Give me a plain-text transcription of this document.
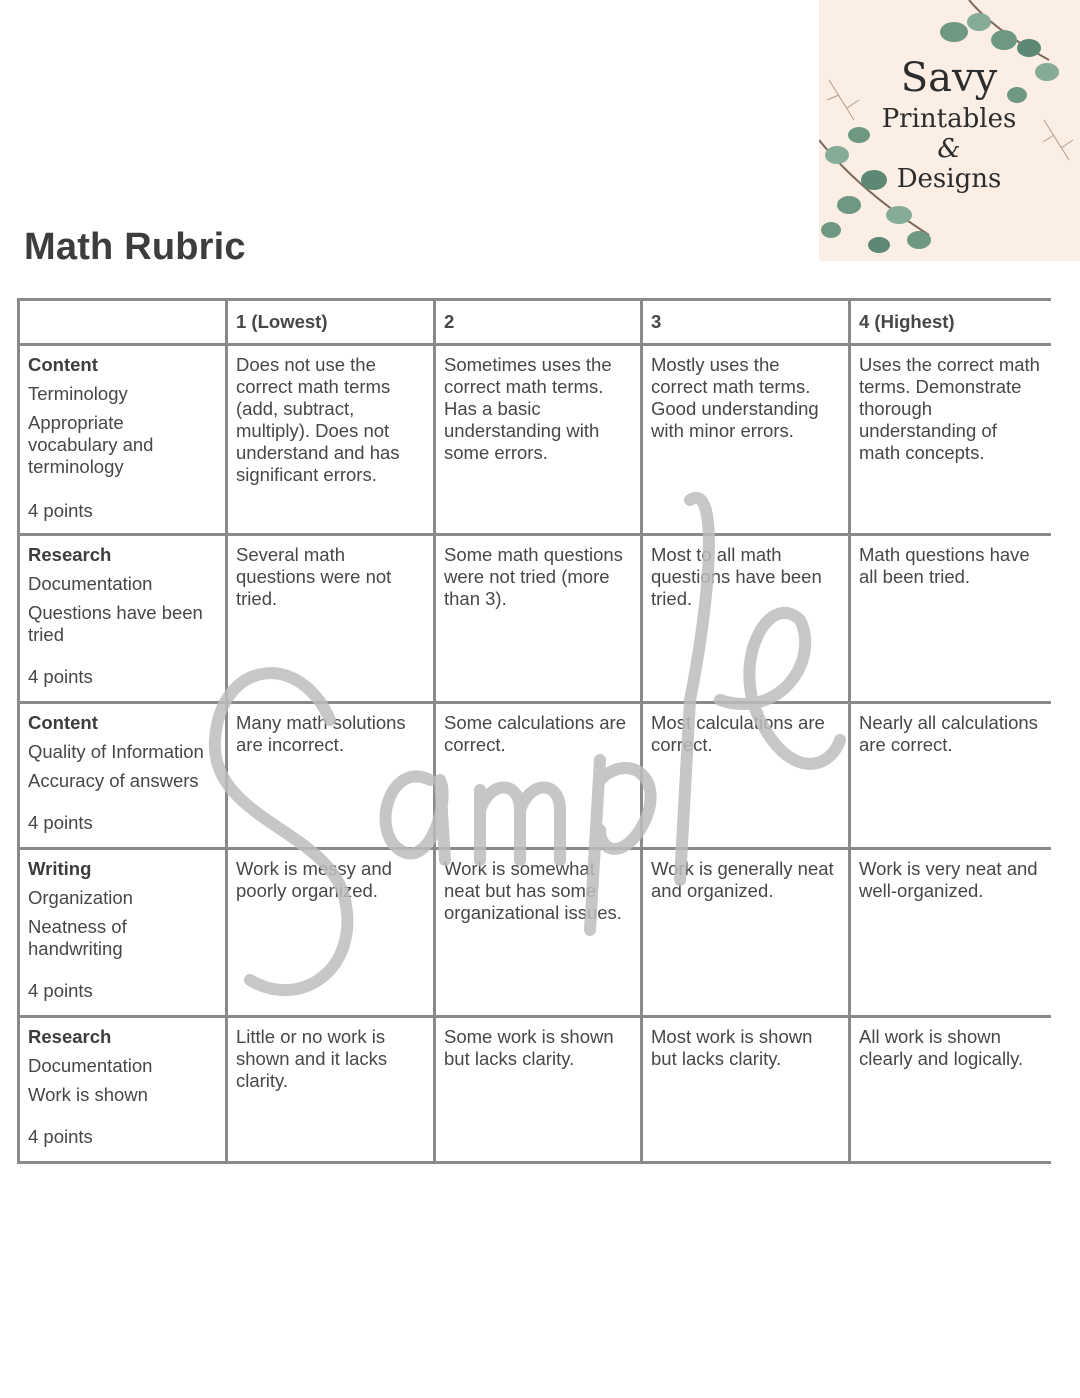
Savy
Printables
&
Designs
Math Rubric
	1 (Lowest)	2	3	4 (Highest)

Content
Terminology
Appropriate vocabulary and terminology
4 points	Does not use the correct math terms (add, subtract, multiply). Does not understand and has significant errors.	Sometimes uses the correct math terms. Has a basic understanding with some errors.	Mostly uses the correct math terms. Good understanding with minor errors.	Uses the correct math terms. Demonstrate thorough understanding of math concepts.

Research
Documentation
Questions have been tried
4 points	Several math questions were not tried.	Some math questions were not tried (more than 3).	Most to all math questions have been tried.	Math questions have all been tried.

Content
Quality of Information
Accuracy of answers
4 points	Many math solutions are incorrect.	Some calculations are correct.	Most calculations are correct.	Nearly all calculations are correct.

Writing
Organization
Neatness of handwriting
4 points	Work is messy and poorly organized.	Work is somewhat neat but has some organizational issues.	Work is generally neat and organized.	Work is very neat and well-organized.

Research
Documentation
Work is shown
4 points	Little or no work is shown and it lacks clarity.	Some work is shown but lacks clarity.	Most work is shown but lacks clarity.	All work is shown clearly and logically.
